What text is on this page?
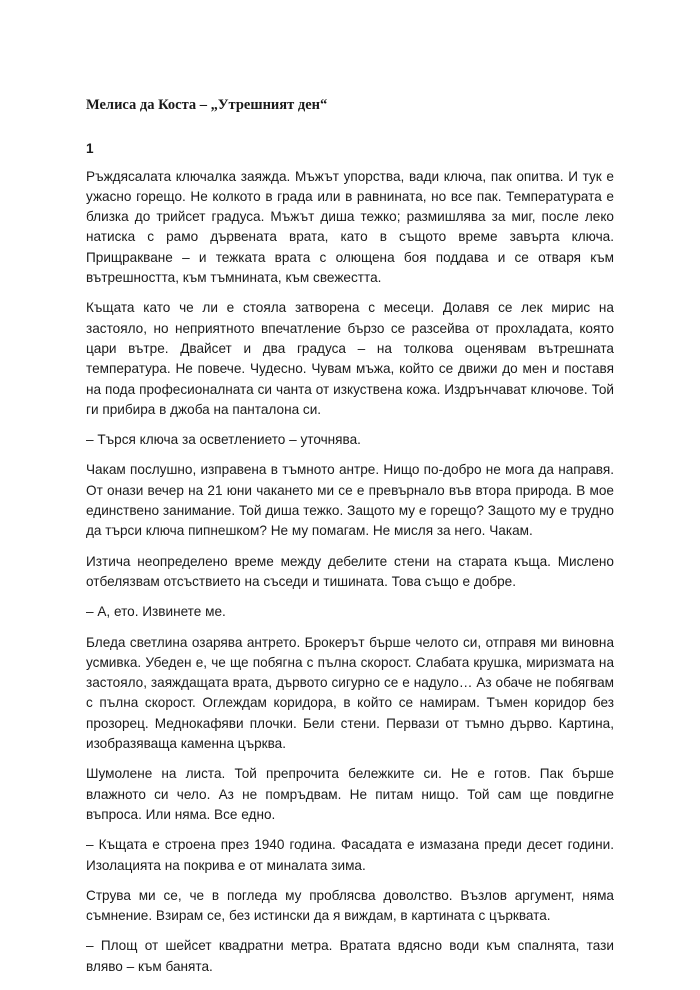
Мелиса да Коста – „Утрешният ден“
1

Ръждясалата ключалка заяжда. Мъжът упорства, вади ключа, пак опитва. И тук е ужасно горещо. Не колкото в града или в равнината, но все пак. Температурата е близка до трийсет градуса. Мъжът диша тежко; размишлява за миг, после леко натиска с рамо дървената врата, като в същото време завърта ключа. Прищракване – и тежката врата с олющена боя поддава и се отваря към вътрешността, към тъмнината, към свежестта.

Къщата като че ли е стояла затворена с месеци. Долавя се лек мирис на застояло, но неприятното впечатление бързо се разсейва от прохладата, която цари вътре. Двайсет и два градуса – на толкова оценявам вътрешната температура. Не повече. Чудесно. Чувам мъжа, който се движи до мен и поставя на пода професионалната си чанта от изкуствена кожа. Издрънчават ключове. Той ги прибира в джоба на панталона си.

– Търся ключа за осветлението – уточнява.

Чакам послушно, изправена в тъмното антре. Нищо по-добро не мога да направя. От онази вечер на 21 юни чакането ми се е превърнало във втора природа. В мое единствено занимание. Той диша тежко. Защото му е горещо? Защото му е трудно да търси ключа пипнешком? Не му помагам. Не мисля за него. Чакам.

Изтича неопределено време между дебелите стени на старата къща. Мислено отбелязвам отсъствието на съседи и тишината. Това също е добре.

– А, ето. Извинете ме.

Бледа светлина озарява антрето. Брокерът бърше челото си, отправя ми виновна усмивка. Убеден е, че ще побягна с пълна скорост. Слабата крушка, миризмата на застояло, заяждащата врата, дървото сигурно се е надуло… Аз обаче не побягвам с пълна скорост. Оглеждам коридора, в който се намирам. Тъмен коридор без прозорец. Меднокафяви плочки. Бели стени. Первази от тъмно дърво. Картина, изобразяваща каменна църква.

Шумолене на листа. Той препрочита бележките си. Не е готов. Пак бърше влажното си чело. Аз не помръдвам. Не питам нищо. Той сам ще повдигне въпроса. Или няма. Все едно.

– Къщата е строена през 1940 година. Фасадата е измазана преди десет години. Изолацията на покрива е от миналата зима.

Струва ми се, че в погледа му проблясва доволство. Възлов аргумент, няма съмнение. Взирам се, без истински да я виждам, в картината с църквата.

– Площ от шейсет квадратни метра. Вратата вдясно води към спалнята, тази вляво – към банята.
